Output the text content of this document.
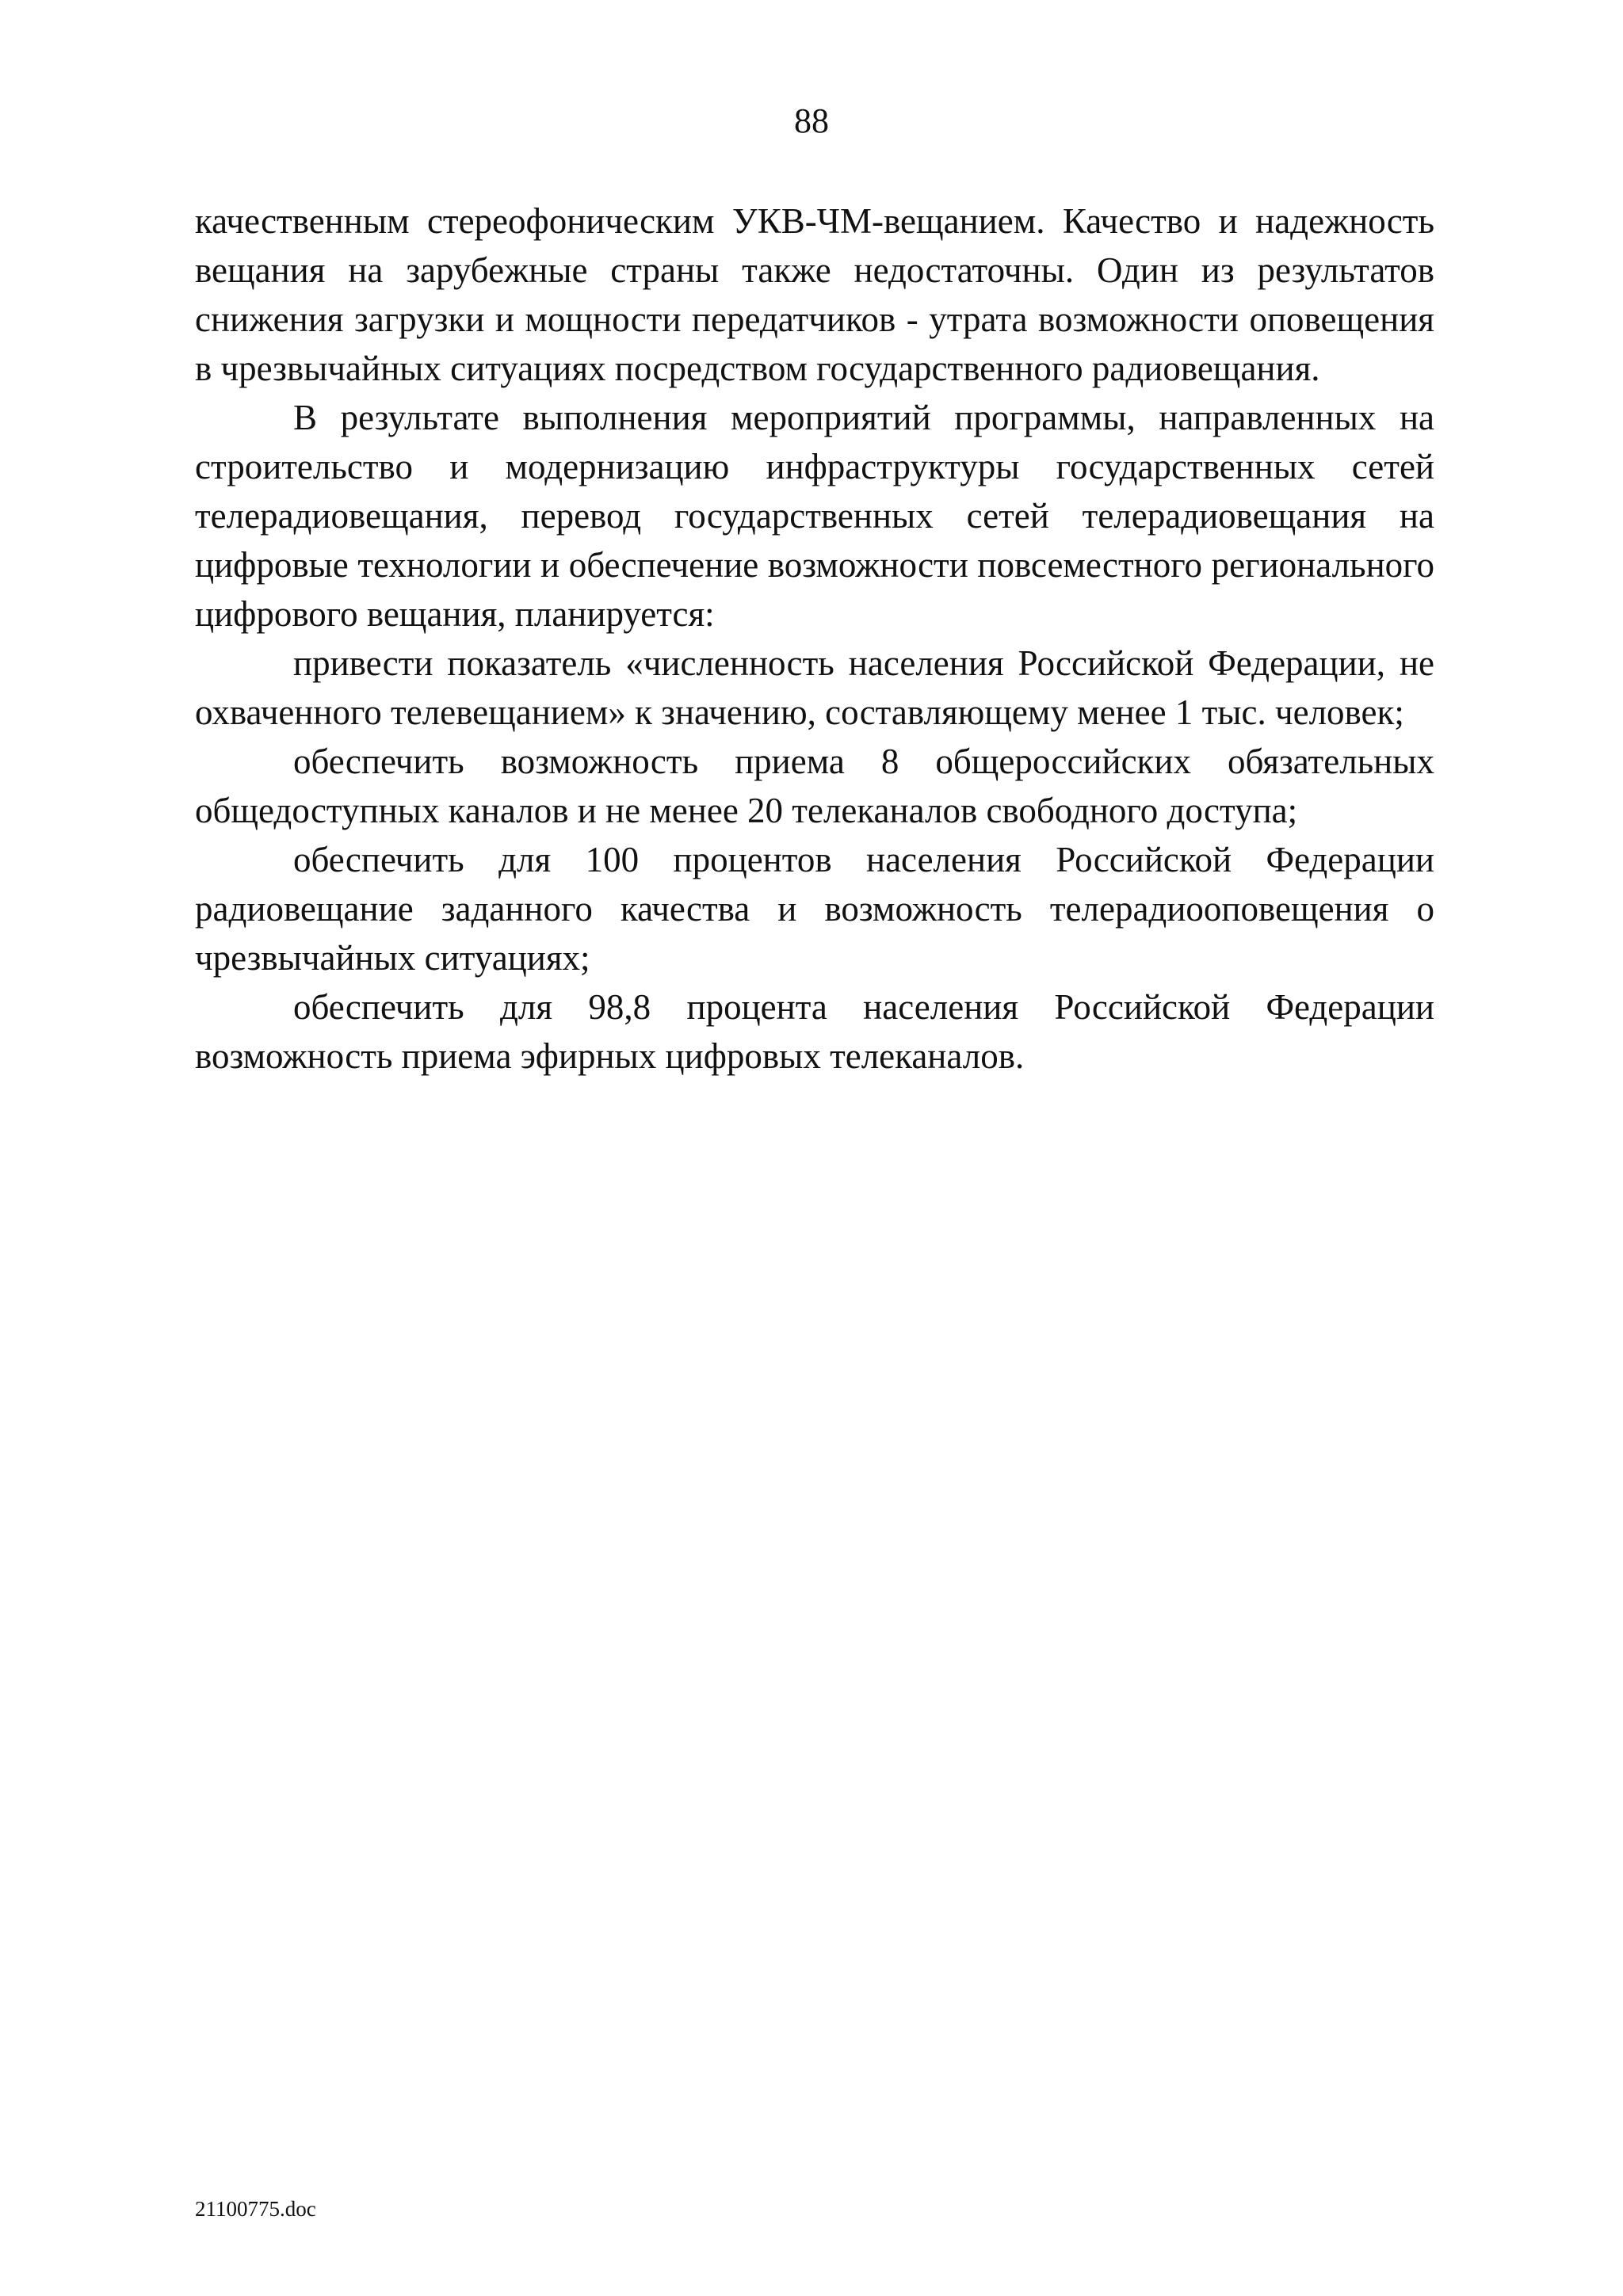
88

качественным стереофоническим УКВ-ЧМ-вещанием. Качество и надежность вещания на зарубежные страны также недостаточны. Один из результатов снижения загрузки и мощности передатчиков - утрата возможности оповещения в чрезвычайных ситуациях посредством государственного радиовещания.

В результате выполнения мероприятий программы, направленных на строительство и модернизацию инфраструктуры государственных сетей телерадиовещания, перевод государственных сетей телерадиовещания на цифровые технологии и обеспечение возможности повсеместного регионального цифрового вещания, планируется:

привести показатель «численность населения Российской Федерации, не охваченного телевещанием» к значению, составляющему менее 1 тыс. человек;

обеспечить возможность приема 8 общероссийских обязательных общедоступных каналов и не менее 20 телеканалов свободного доступа;

обеспечить для 100 процентов населения Российской Федерации радиовещание заданного качества и возможность телерадиооповещения о чрезвычайных ситуациях;

обеспечить для 98,8 процента населения Российской Федерации возможность приема эфирных цифровых телеканалов.

21100775.doc
